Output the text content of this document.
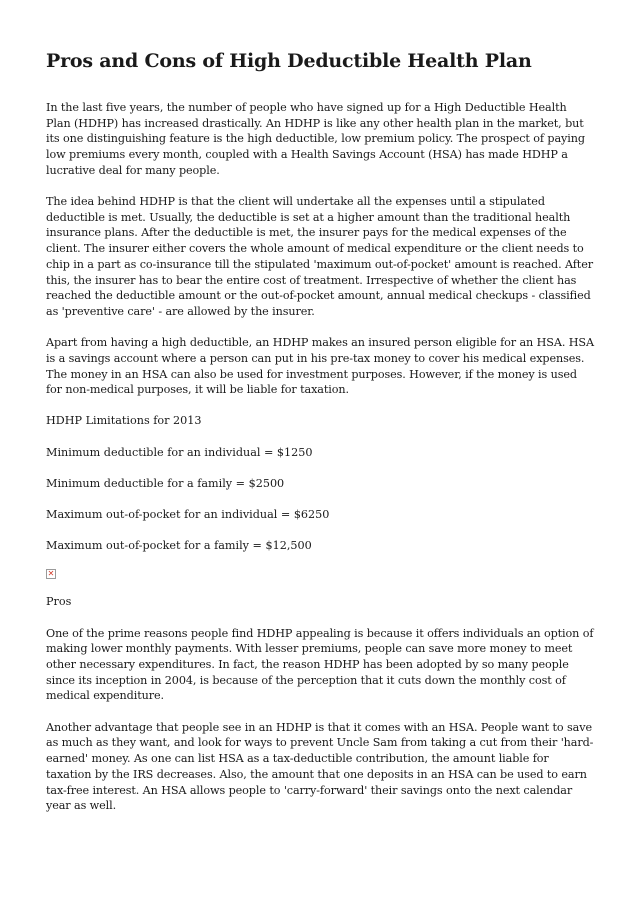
Pros and Cons of High Deductible Health Plan

In the last five years, the number of people who have signed up for a High Deductible Health Plan (HDHP) has increased drastically. An HDHP is like any other health plan in the market, but its one distinguishing feature is the high deductible, low premium policy. The prospect of paying low premiums every month, coupled with a Health Savings Account (HSA) has made HDHP a lucrative deal for many people.

The idea behind HDHP is that the client will undertake all the expenses until a stipulated deductible is met. Usually, the deductible is set at a higher amount than the traditional health insurance plans. After the deductible is met, the insurer pays for the medical expenses of the client. The insurer either covers the whole amount of medical expenditure or the client needs to chip in a part as co-insurance till the stipulated 'maximum out-of-pocket' amount is reached. After this, the insurer has to bear the entire cost of treatment. Irrespective of whether the client has reached the deductible amount or the out-of-pocket amount, annual medical checkups - classified as 'preventive care' - are allowed by the insurer.

Apart from having a high deductible, an HDHP makes an insured person eligible for an HSA. HSA is a savings account where a person can put in his pre-tax money to cover his medical expenses. The money in an HSA can also be used for investment purposes. However, if the money is used for non-medical purposes, it will be liable for taxation.

HDHP Limitations for 2013

Minimum deductible for an individual = $1250

Minimum deductible for a family = $2500

Maximum out-of-pocket for an individual = $6250

Maximum out-of-pocket for a family = $12,500

✕

Pros

One of the prime reasons people find HDHP appealing is because it offers individuals an option of making lower monthly payments. With lesser premiums, people can save more money to meet other necessary expenditures. In fact, the reason HDHP has been adopted by so many people since its inception in 2004, is because of the perception that it cuts down the monthly cost of medical expenditure.

Another advantage that people see in an HDHP is that it comes with an HSA. People want to save as much as they want, and look for ways to prevent Uncle Sam from taking a cut from their 'hard-earned' money. As one can list HSA as a tax-deductible contribution, the amount liable for taxation by the IRS decreases. Also, the amount that one deposits in an HSA can be used to earn tax-free interest. An HSA allows people to 'carry-forward' their savings onto the next calendar year as well.
